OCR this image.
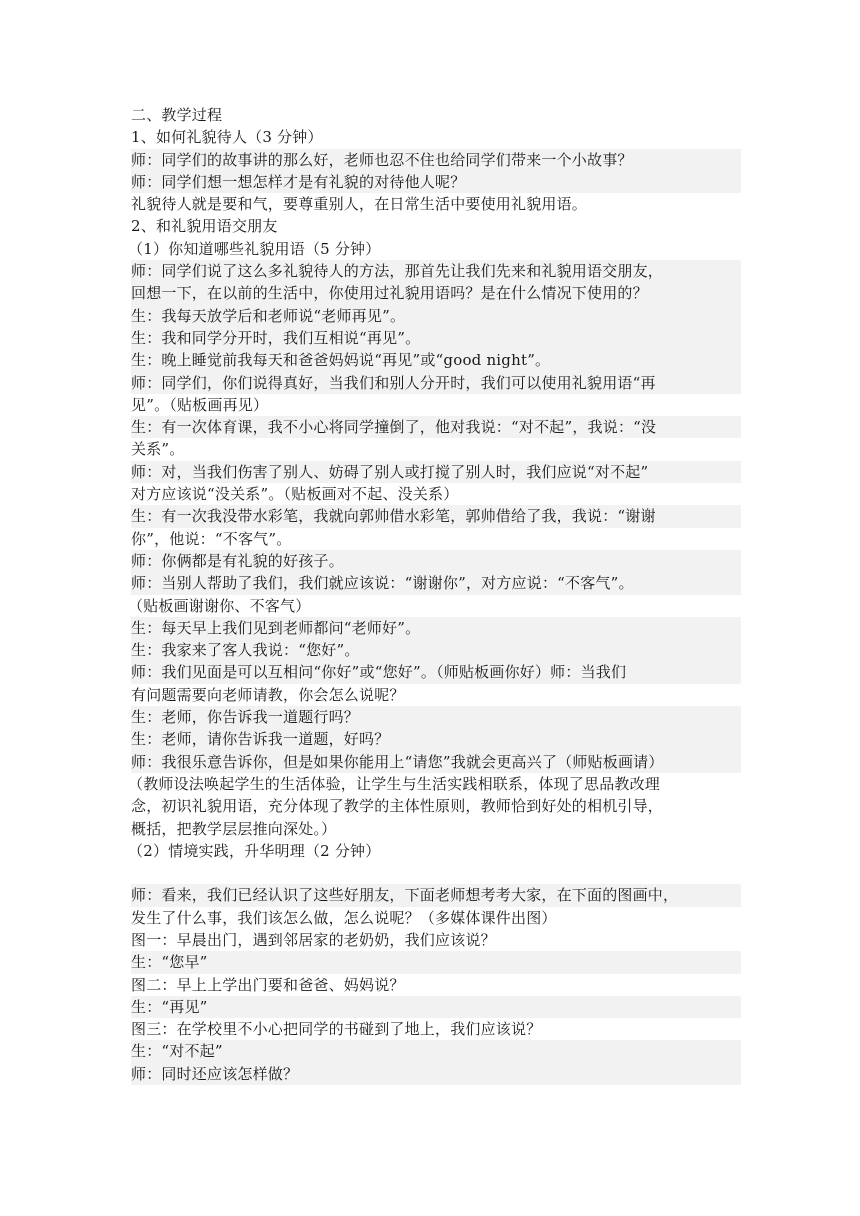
二、教学过程
1、如何礼貌待人（3 分钟）
师：同学们的故事讲的那么好，老师也忍不住也给同学们带来一个小故事？
师：同学们想一想怎样才是有礼貌的对待他人呢？
礼貌待人就是要和气，要尊重别人，在日常生活中要使用礼貌用语。
2、和礼貌用语交朋友
（1）你知道哪些礼貌用语（5 分钟）
师：同学们说了这么多礼貌待人的方法，那首先让我们先来和礼貌用语交朋友，
回想一下，在以前的生活中，你使用过礼貌用语吗？是在什么情况下使用的？
生：我每天放学后和老师说“老师再见”。
生：我和同学分开时，我们互相说“再见”。
生：晚上睡觉前我每天和爸爸妈妈说“再见”或“good night”。
师：同学们，你们说得真好，当我们和别人分开时，我们可以使用礼貌用语“再
见”。（贴板画再见）
生：有一次体育课，我不小心将同学撞倒了，他对我说：“对不起”，我说：“没
关系”。
师：对，当我们伤害了别人、妨碍了别人或打搅了别人时，我们应说“对不起”
对方应该说“没关系”。（贴板画对不起、没关系）
生：有一次我没带水彩笔，我就向郭帅借水彩笔，郭帅借给了我，我说：“谢谢
你”，他说：“不客气”。
师：你俩都是有礼貌的好孩子。
师：当别人帮助了我们，我们就应该说：“谢谢你”，对方应说：“不客气”。
（贴板画谢谢你、不客气）
生：每天早上我们见到老师都问“老师好”。
生：我家来了客人我说：“您好”。
师：我们见面是可以互相问“你好”或“您好”。（师贴板画你好）师：当我们
有问题需要向老师请教，你会怎么说呢？
生：老师，你告诉我一道题行吗？
生：老师，请你告诉我一道题，好吗？
师：我很乐意告诉你，但是如果你能用上“请您”我就会更高兴了（师贴板画请）
（教师设法唤起学生的生活体验，让学生与生活实践相联系，体现了思品教改理
念，初识礼貌用语，充分体现了教学的主体性原则，教师恰到好处的相机引导，
概括，把教学层层推向深处。）
（2）情境实践，升华明理（2 分钟）
师：看来，我们已经认识了这些好朋友，下面老师想考考大家，在下面的图画中，
发生了什么事，我们该怎么做，怎么说呢？（多媒体课件出图）
图一：早晨出门，遇到邻居家的老奶奶，我们应该说？
生：“您早”
图二：早上上学出门要和爸爸、妈妈说？
生：“再见”
图三：在学校里不小心把同学的书碰到了地上，我们应该说？
生：“对不起”
师：同时还应该怎样做？
